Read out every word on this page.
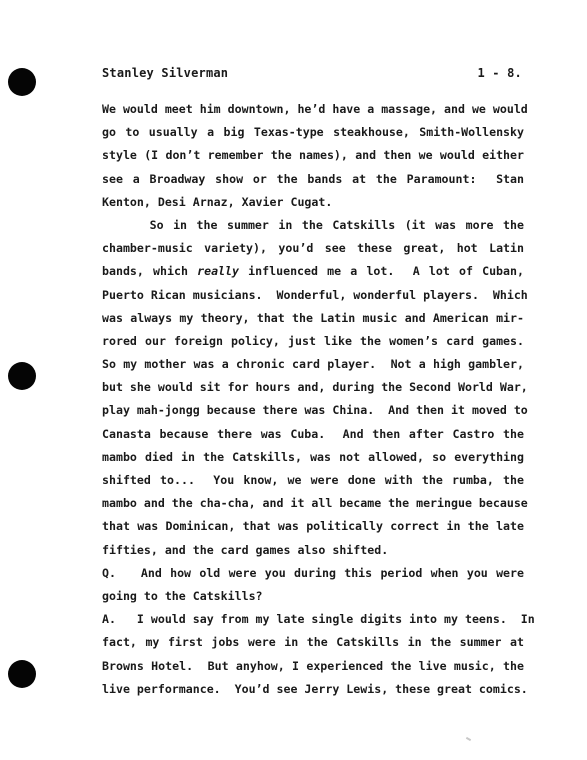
Stanley Silverman	1 - 8.
We would meet him downtown, he’d have a massage, and we would
go to usually a big Texas-type steakhouse, Smith-Wollensky
style (I don’t remember the names), and then we would either
see a Broadway show or the bands at the Paramount:  Stan
Kenton, Desi Arnaz, Xavier Cugat.
So in the summer in the Catskills (it was more the
chamber-music variety), you’d see these great, hot Latin
bands, which really influenced me a lot.  A lot of Cuban,
Puerto Rican musicians.  Wonderful, wonderful players.  Which
was always my theory, that the Latin music and American mir-
rored our foreign policy, just like the women’s card games.
So my mother was a chronic card player.  Not a high gambler,
but she would sit for hours and, during the Second World War,
play mah-jongg because there was China.  And then it moved to
Canasta because there was Cuba.  And then after Castro the
mambo died in the Catskills, was not allowed, so everything
shifted to...  You know, we were done with the rumba, the
mambo and the cha-cha, and it all became the meringue because
that was Dominican, that was politically correct in the late
fifties, and the card games also shifted.
Q.   And how old were you during this period when you were
going to the Catskills?
A.   I would say from my late single digits into my teens.  In
fact, my first jobs were in the Catskills in the summer at
Browns Hotel.  But anyhow, I experienced the live music, the
live performance.  You’d see Jerry Lewis, these great comics.
